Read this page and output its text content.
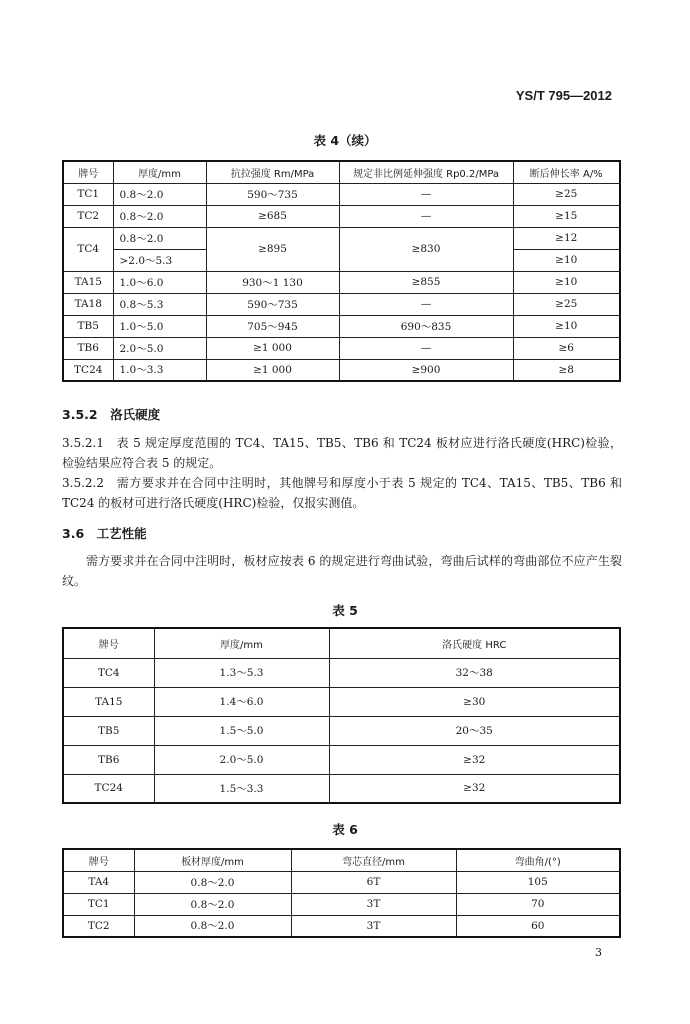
YS/T 795—2012
表 4（续）
牌号	厚度/mm	抗拉强度 Rm/MPa	规定非比例延伸强度 Rp0.2/MPa	断后伸长率 A/%
TC1	0.8～2.0	590～735	—	≥25
TC2	0.8～2.0	≥685	—	≥15
TC4	0.8～2.0	≥895	≥830	≥12
	>2.0～5.3			≥10
TA15	1.0～6.0	930～1 130	≥855	≥10
TA18	0.8～5.3	590～735	—	≥25
TB5	1.0～5.0	705～945	690～835	≥10
TB6	2.0～5.0	≥1 000	—	≥6
TC24	1.0～3.3	≥1 000	≥900	≥8
3.5.2　洛氏硬度
3.5.2.1　表 5 规定厚度范围的 TC4、TA15、TB5、TB6 和 TC24 板材应进行洛氏硬度(HRC)检验，检验结果应符合表 5 的规定。
3.5.2.2　需方要求并在合同中注明时，其他牌号和厚度小于表 5 规定的 TC4、TA15、TB5、TB6 和 TC24 的板材可进行洛氏硬度(HRC)检验，仅报实测值。
3.6　工艺性能
需方要求并在合同中注明时，板材应按表 6 的规定进行弯曲试验，弯曲后试样的弯曲部位不应产生裂纹。
表 5
牌号	厚度/mm	洛氏硬度 HRC
TC4	1.3～5.3	32～38
TA15	1.4～6.0	≥30
TB5	1.5～5.0	20～35
TB6	2.0～5.0	≥32
TC24	1.5～3.3	≥32
表 6
牌号	板材厚度/mm	弯芯直径/mm	弯曲角/(°)
TA4	0.8～2.0	6T	105
TC1	0.8～2.0	3T	70
TC2	0.8～2.0	3T	60
3
